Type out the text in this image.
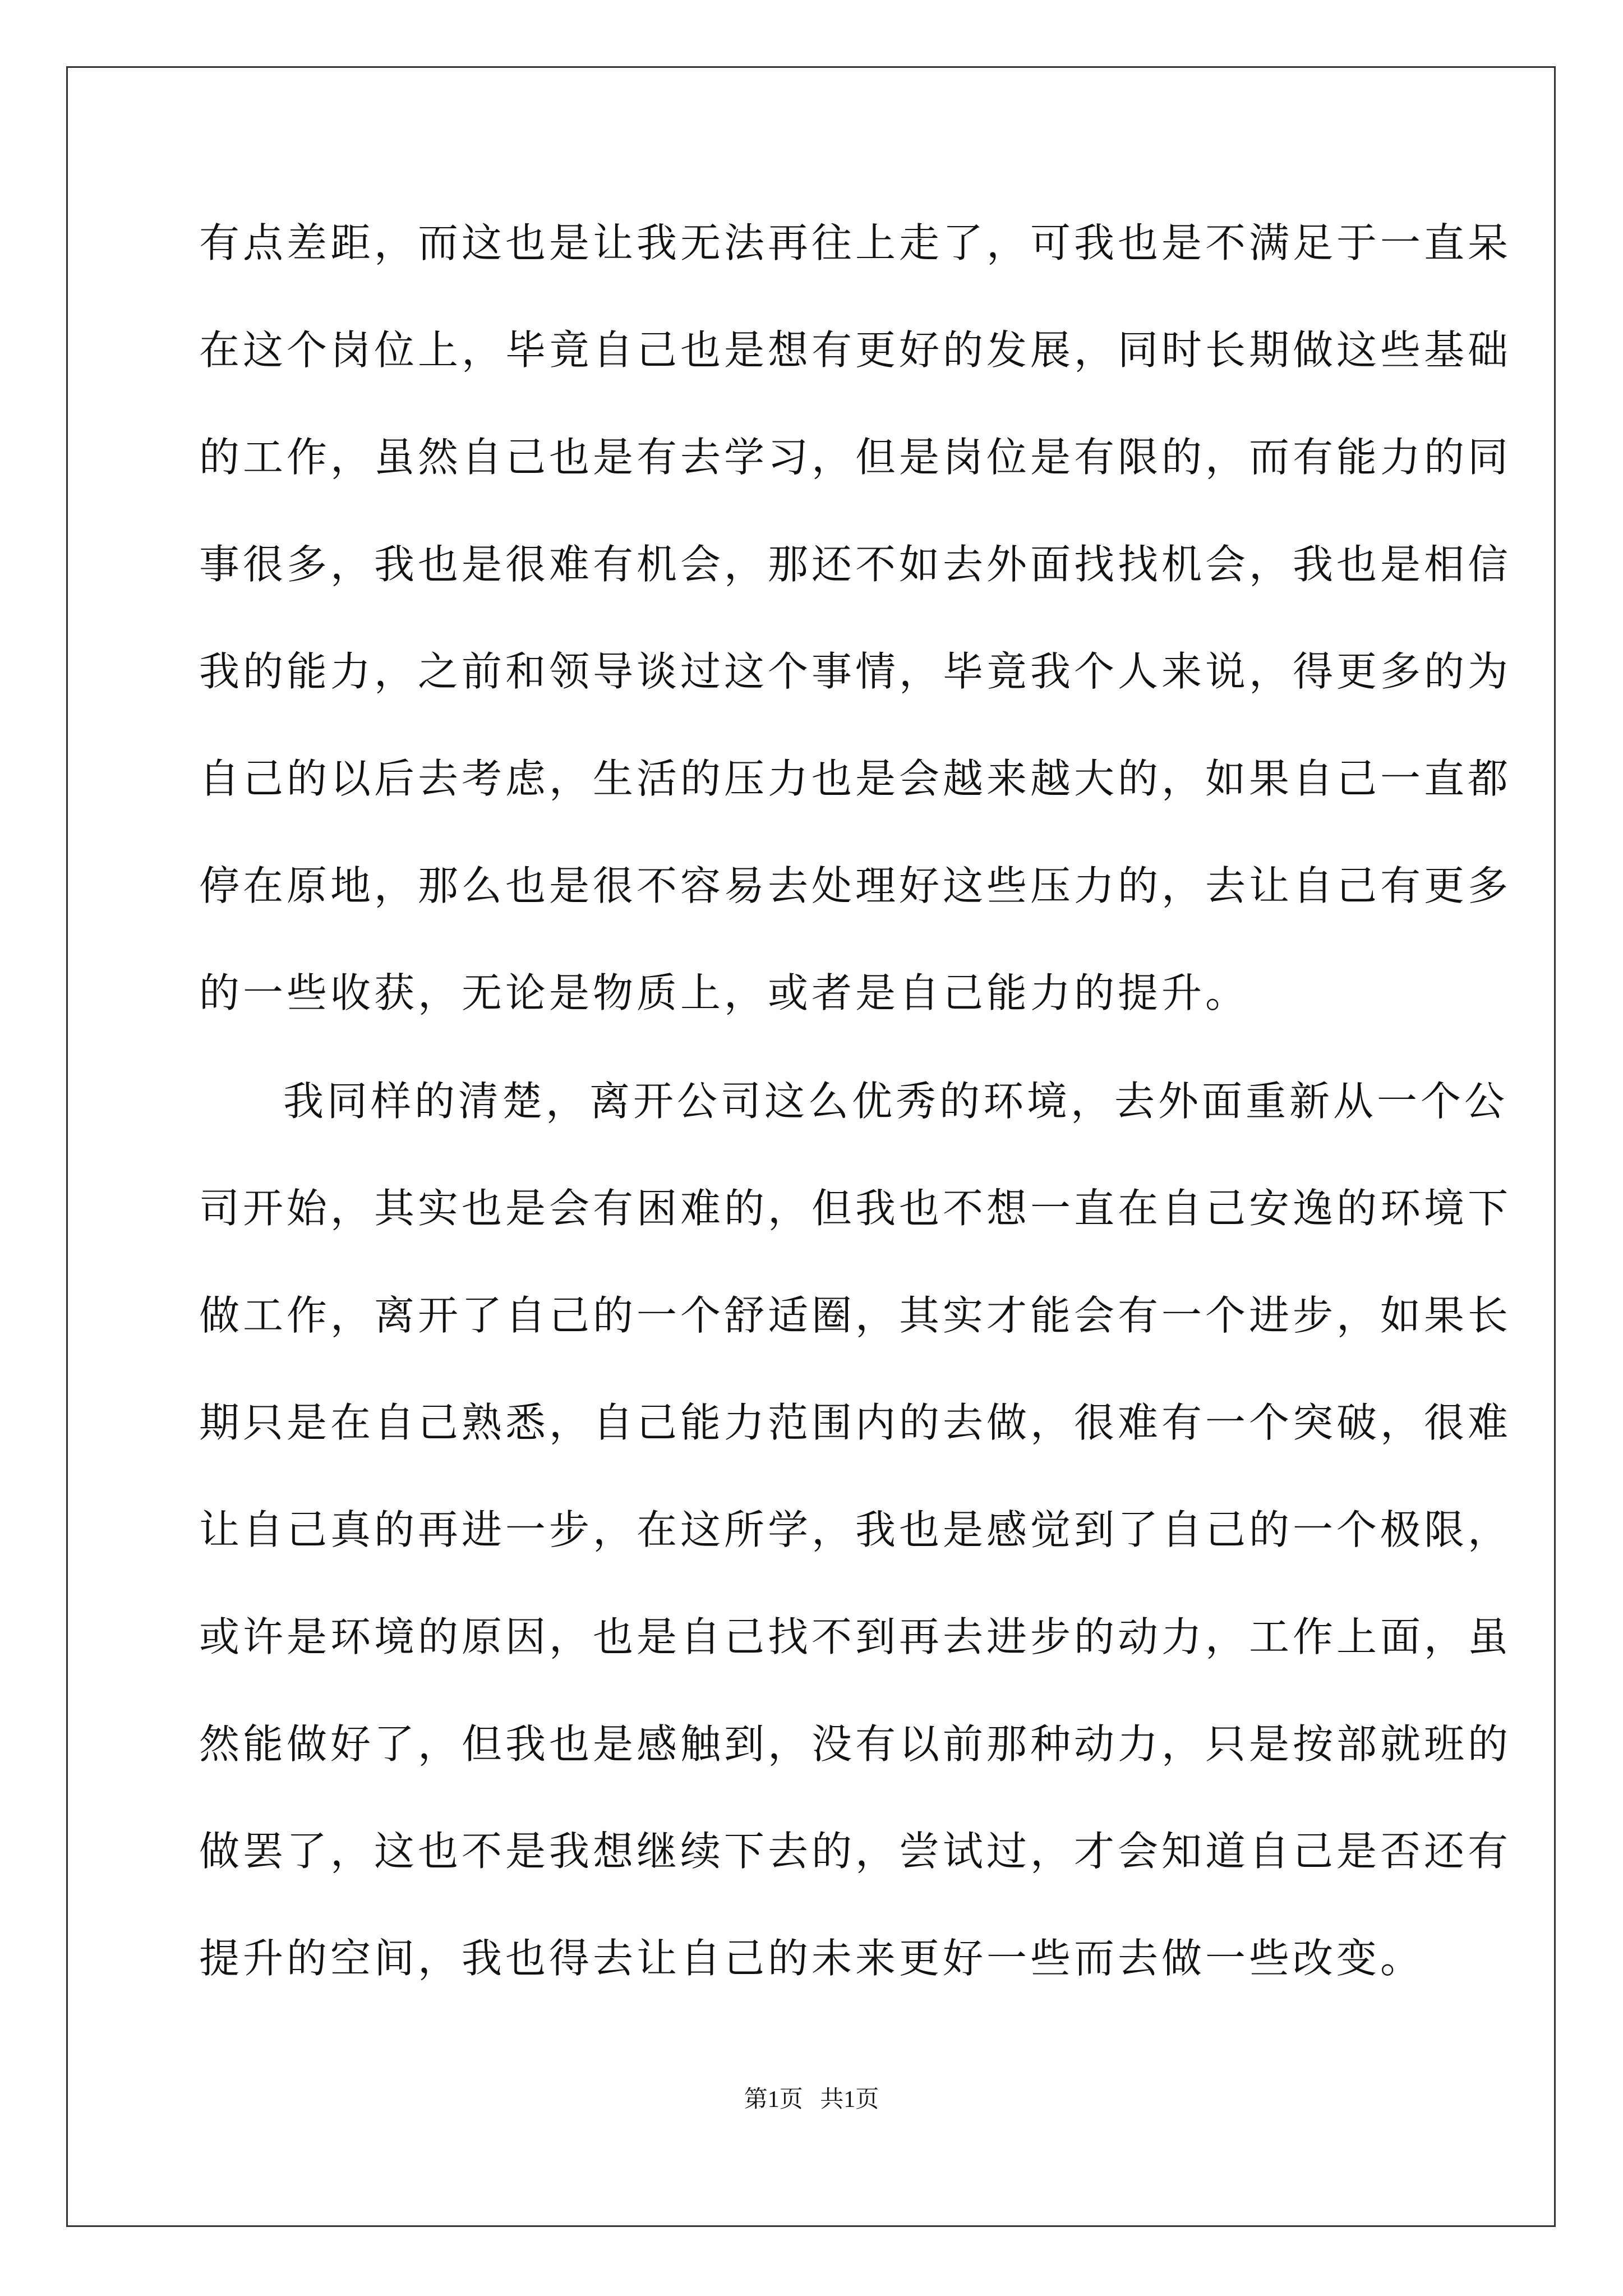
有点差距，而这也是让我无法再往上走了，可我也是不满足于一直呆
在这个岗位上，毕竟自己也是想有更好的发展，同时长期做这些基础
的工作，虽然自己也是有去学习，但是岗位是有限的，而有能力的同
事很多，我也是很难有机会，那还不如去外面找找机会，我也是相信
我的能力，之前和领导谈过这个事情，毕竟我个人来说，得更多的为
自己的以后去考虑，生活的压力也是会越来越大的，如果自己一直都
停在原地，那么也是很不容易去处理好这些压力的，去让自己有更多
的一些收获，无论是物质上，或者是自己能力的提升。
我同样的清楚，离开公司这么优秀的环境，去外面重新从一个公
司开始，其实也是会有困难的，但我也不想一直在自己安逸的环境下
做工作，离开了自己的一个舒适圈，其实才能会有一个进步，如果长
期只是在自己熟悉，自己能力范围内的去做，很难有一个突破，很难
让自己真的再进一步，在这所学，我也是感觉到了自己的一个极限，
或许是环境的原因，也是自己找不到再去进步的动力，工作上面，虽
然能做好了，但我也是感触到，没有以前那种动力，只是按部就班的
做罢了，这也不是我想继续下去的，尝试过，才会知道自己是否还有
提升的空间，我也得去让自己的未来更好一些而去做一些改变。
第1页 共1页
